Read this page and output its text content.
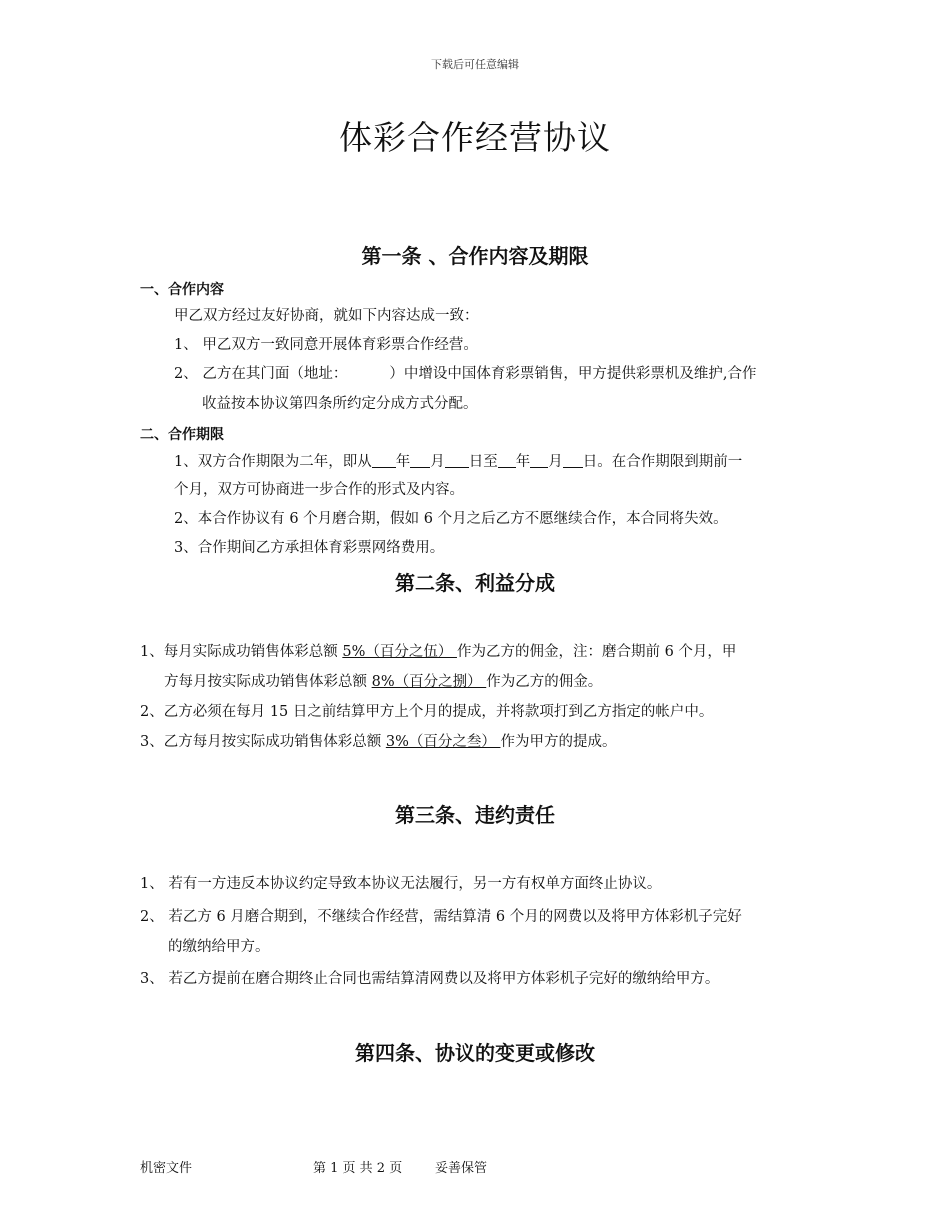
下载后可任意编辑
体彩合作经营协议
第一条 、合作内容及期限
一、合作内容
甲乙双方经过友好协商，就如下内容达成一致：
1、 甲乙双方一致同意开展体育彩票合作经营。
2、 乙方在其门面（地址：	）中增设中国体育彩票销售，甲方提供彩票机及维护,合作
收益按本协议第四条所约定分成方式分配。
二、合作期限
1、双方合作期限为二年，即从 年 月 日至 年 月 日。在合作期限到期前一
个月，双方可协商进一步合作的形式及内容。
2、本合作协议有 6 个月磨合期，假如 6 个月之后乙方不愿继续合作，本合同将失效。
3、合作期间乙方承担体育彩票网络费用。
第二条、利益分成
1、每月实际成功销售体彩总额 5%（百分之伍） 作为乙方的佣金，注：磨合期前 6 个月，甲
方每月按实际成功销售体彩总额 8%（百分之捌） 作为乙方的佣金。
2、乙方必须在每月 15 日之前结算甲方上个月的提成，并将款项打到乙方指定的帐户中。
3、乙方每月按实际成功销售体彩总额 3%（百分之叁） 作为甲方的提成。
第三条、违约责任
1、 若有一方违反本协议约定导致本协议无法履行，另一方有权单方面终止协议。
2、 若乙方 6 月磨合期到，不继续合作经营，需结算清 6 个月的网费以及将甲方体彩机子完好
的缴纳给甲方。
3、 若乙方提前在磨合期终止合同也需结算清网费以及将甲方体彩机子完好的缴纳给甲方。
第四条、协议的变更或修改
机密文件	第 1 页 共 2 页	妥善保管
